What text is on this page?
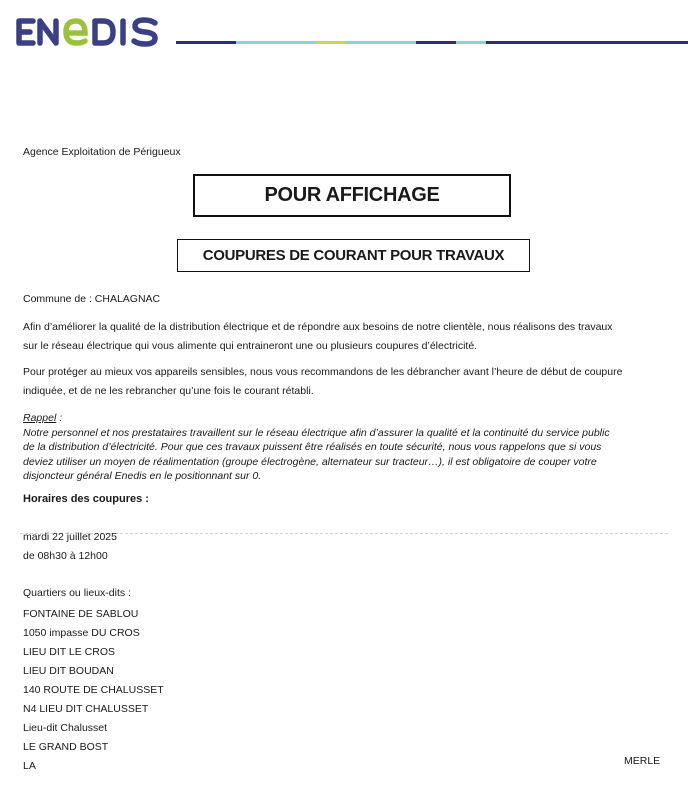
Agence Exploitation de Périgueux
POUR AFFICHAGE
COUPURES DE COURANT POUR TRAVAUX
Commune de : CHALAGNAC
Afin d’améliorer la qualité de la distribution électrique et de répondre aux besoins de notre clientèle, nous réalisons des travaux
sur le réseau électrique qui vous alimente qui entraineront une ou plusieurs coupures d’électricité.
Pour protéger au mieux vos appareils sensibles, nous vous recommandons de les débrancher avant l’heure de début de coupure
indiquée, et de ne les rebrancher qu’une fois le courant rétabli.
Rappel :
Notre personnel et nos prestataires travaillent sur le réseau électrique afin d’assurer la qualité et la continuité du service public
de la distribution d’électricité. Pour que ces travaux puissent être réalisés en toute sécurité, nous vous rappelons que si vous
deviez utiliser un moyen de réalimentation (groupe électrogène, alternateur sur tracteur…), il est obligatoire de couper votre
disjoncteur général Enedis en le positionnant sur 0.
Horaires des coupures :
mardi 22 juillet 2025
de 08h30 à 12h00
Quartiers ou lieux-dits :
FONTAINE DE SABLOU
1050 impasse DU CROS
LIEU DIT LE CROS
LIEU DIT BOUDAN
140 ROUTE DE CHALUSSET
N4 LIEU DIT CHALUSSET
Lieu-dit Chalusset
LE GRAND BOST
LA	MERLE
